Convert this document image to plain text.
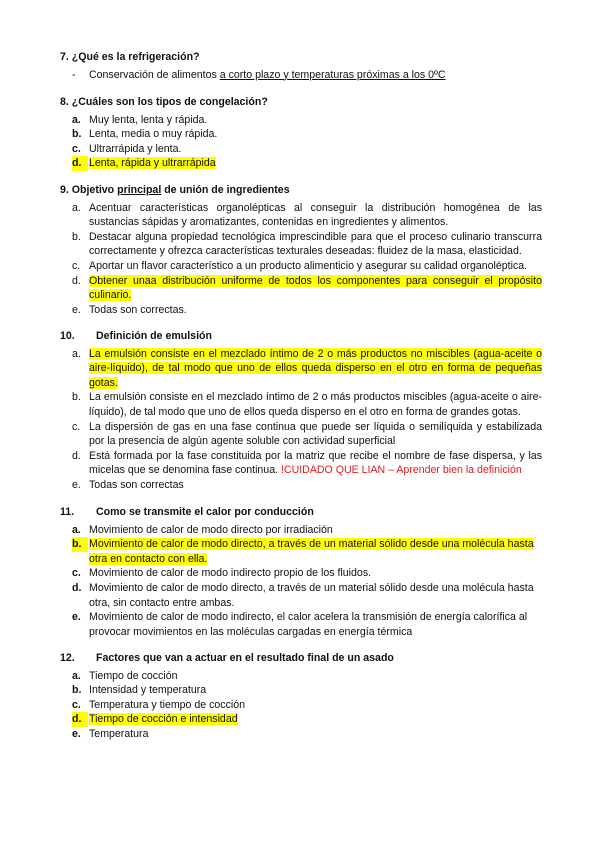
7. ¿Qué es la refrigeración?
-	Conservación de alimentos a corto plazo y temperaturas próximas a los 0ºC
8. ¿Cuáles son los tipos de congelación?
a. Muy lenta, lenta y rápida.
b. Lenta, media o muy rápida.
c. Ultrarrápida y lenta.
d. Lenta, rápida y ultrarrápida
9. Objetivo principal de unión de ingredientes
a. Acentuar características organolépticas al conseguir la distribución homogénea de las sustancias sápidas y aromatizantes, contenidas en ingredientes y alimentos.
b. Destacar alguna propiedad tecnológica imprescindible para que el proceso culinario transcurra correctamente y ofrezca características texturales deseadas: fluidez de la masa, elasticidad.
c. Aportar un flavor característico a un producto alimenticio y asegurar su calidad organoléptica.
d. Obtener unaa distribución uniforme de todos los componentes para conseguir el propósito culinario.
e. Todas son correctas.
10. Definición de emulsión
a. La emulsión consiste en el mezclado íntimo de 2 o más productos no miscibles (agua-aceite o aire-líquido), de tal modo que uno de ellos queda disperso en el otro en forma de pequeñas gotas.
b. La emulsión consiste en el mezclado íntimo de 2 o más productos miscibles (agua-aceite o aire-líquido), de tal modo que uno de ellos queda disperso en el otro en forma de grandes gotas.
c. La dispersión de gas en una fase continua que puede ser líquida o semilíquida y estabilizada por la presencia de algún agente soluble con actividad superficial
d. Está formada por la fase constituida por la matriz que recibe el nombre de fase dispersa, y las micelas que se denomina fase continua. !CUIDADO QUE LIAN – Aprender bien la definición
e. Todas son correctas
11. Como se transmite el calor por conducción
a. Movimiento de calor de modo directo por irradiación
b. Movimiento de calor de modo directo, a través de un material sólido desde una molécula hasta otra en contacto con ella.
c. Movimiento de calor de modo indirecto propio de los fluidos.
d. Movimiento de calor de modo directo, a través de un material sólido desde una molécula hasta otra, sin contacto entre ambas.
e. Movimiento de calor de modo indirecto, el calor acelera la transmisión de energía calorífica al provocar movimientos en las moléculas cargadas en energía térmica
12. Factores que van a actuar en el resultado final de un asado
a. Tiempo de cocción
b. Intensidad y temperatura
c. Temperatura y tiempo de cocción
d. Tiempo de cocción e intensidad
e. Temperatura
